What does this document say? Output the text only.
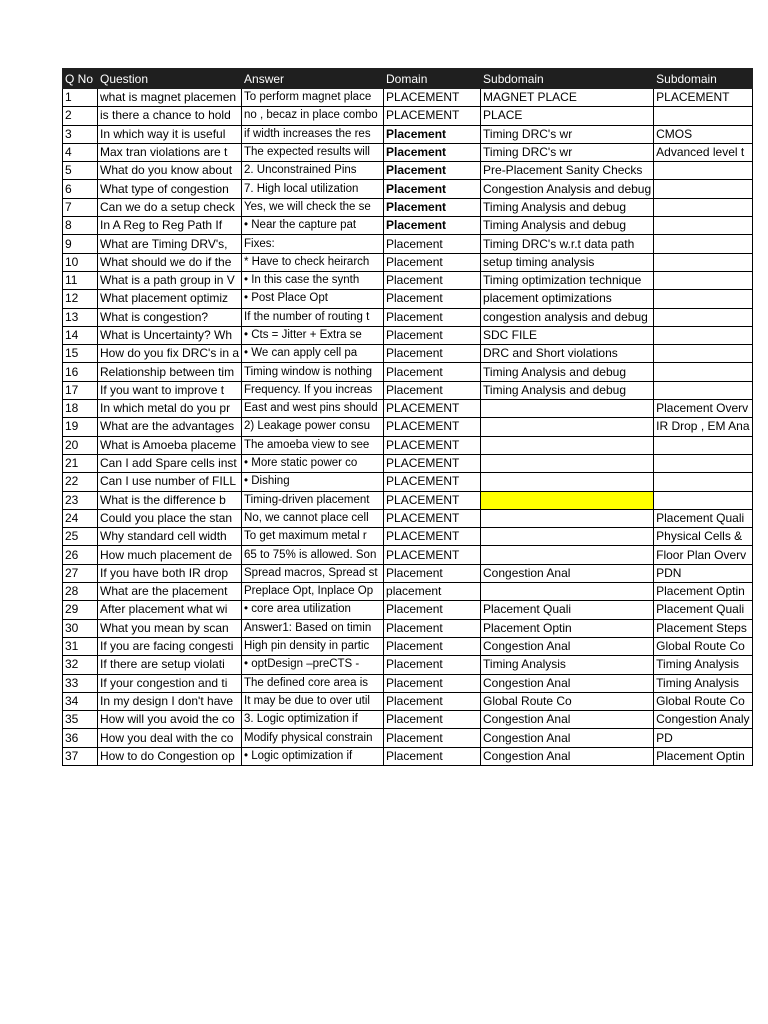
Q No	Question	Answer	Domain	Subdomain	Subdomain
1	what is magnet placemen	To perform magnet place	PLACEMENT	MAGNET PLACE	PLACEMENT
2	is there a chance to hold	no , becaz in place combo	PLACEMENT	PLACE	
3	In which way it is useful	if width increases the res	Placement	Timing DRC's wr	CMOS
4	Max tran violations are t	The expected results will	Placement	Timing DRC's wr	Advanced level t
5	What do you know about	2. Unconstrained Pins	Placement	Pre-Placement Sanity Checks	
6	What type of congestion	7. High local utilization	Placement	Congestion Analysis and debug	
7	Can we do a setup check	Yes, we will check the se	Placement	Timing Analysis and debug	
8	In A Reg to Reg Path If	• Near the capture pat	Placement	Timing Analysis and debug	
9	What are Timing DRV's,	Fixes:	Placement	Timing DRC's w.r.t data path	
10	What should we do if the	* Have to check heirarch	Placement	setup timing analysis	
11	What is a path group in V	• In this case the synth	Placement	Timing optimization technique	
12	What placement optimiz	• Post Place Opt	Placement	placement optimizations	
13	What is congestion?	If the number of routing t	Placement	congestion analysis and debug	
14	What is Uncertainty? Wh	• Cts = Jitter + Extra se	Placement	SDC FILE	
15	How do you fix DRC's in a	• We can apply cell pa	Placement	DRC and Short violations	
16	Relationship between tim	Timing window is nothing	Placement	Timing Analysis and debug	
17	If you want to improve t	Frequency. If you increas	Placement	Timing Analysis and debug	
18	In which metal do you pr	East and west pins should	PLACEMENT		Placement Overv
19	What are the advantages	2) Leakage power consu	PLACEMENT		IR Drop , EM Ana
20	What is Amoeba placeme	The amoeba view to see	PLACEMENT		
21	Can I add Spare cells inst	• More static power co	PLACEMENT		
22	Can I use number of FILL	• Dishing	PLACEMENT		
23	What is the difference b	Timing-driven placement	PLACEMENT		
24	Could you place the stan	No, we cannot place cell	PLACEMENT		Placement Quali
25	Why standard cell width	To get maximum metal r	PLACEMENT		Physical Cells &
26	How much placement de	65 to 75% is allowed. Son	PLACEMENT		Floor Plan Overv
27	If you have both IR drop	Spread macros, Spread st	Placement	Congestion Anal	PDN
28	What are the placement	Preplace Opt, Inplace Op	placement		Placement Optin
29	After placement what wi	• core area utilization	Placement	Placement Quali	Placement Quali
30	What you mean by scan	Answer1: Based on timin	Placement	Placement Optin	Placement Steps
31	If you are facing congesti	High pin density in partic	Placement	Congestion Anal	Global Route Co
32	If there are setup violati	• optDesign –preCTS -	Placement	Timing Analysis	Timing Analysis
33	If your congestion and ti	The defined core area is	Placement	Congestion Anal	Timing Analysis
34	In my design I don't have	It may be due to over util	Placement	Global Route Co	Global Route Co
35	How will you avoid the co	3. Logic optimization if	Placement	Congestion Anal	Congestion Analy
36	How you deal with the co	Modify physical constrain	Placement	Congestion Anal	PD
37	How to do Congestion op	• Logic optimization if	Placement	Congestion Anal	Placement Optin
